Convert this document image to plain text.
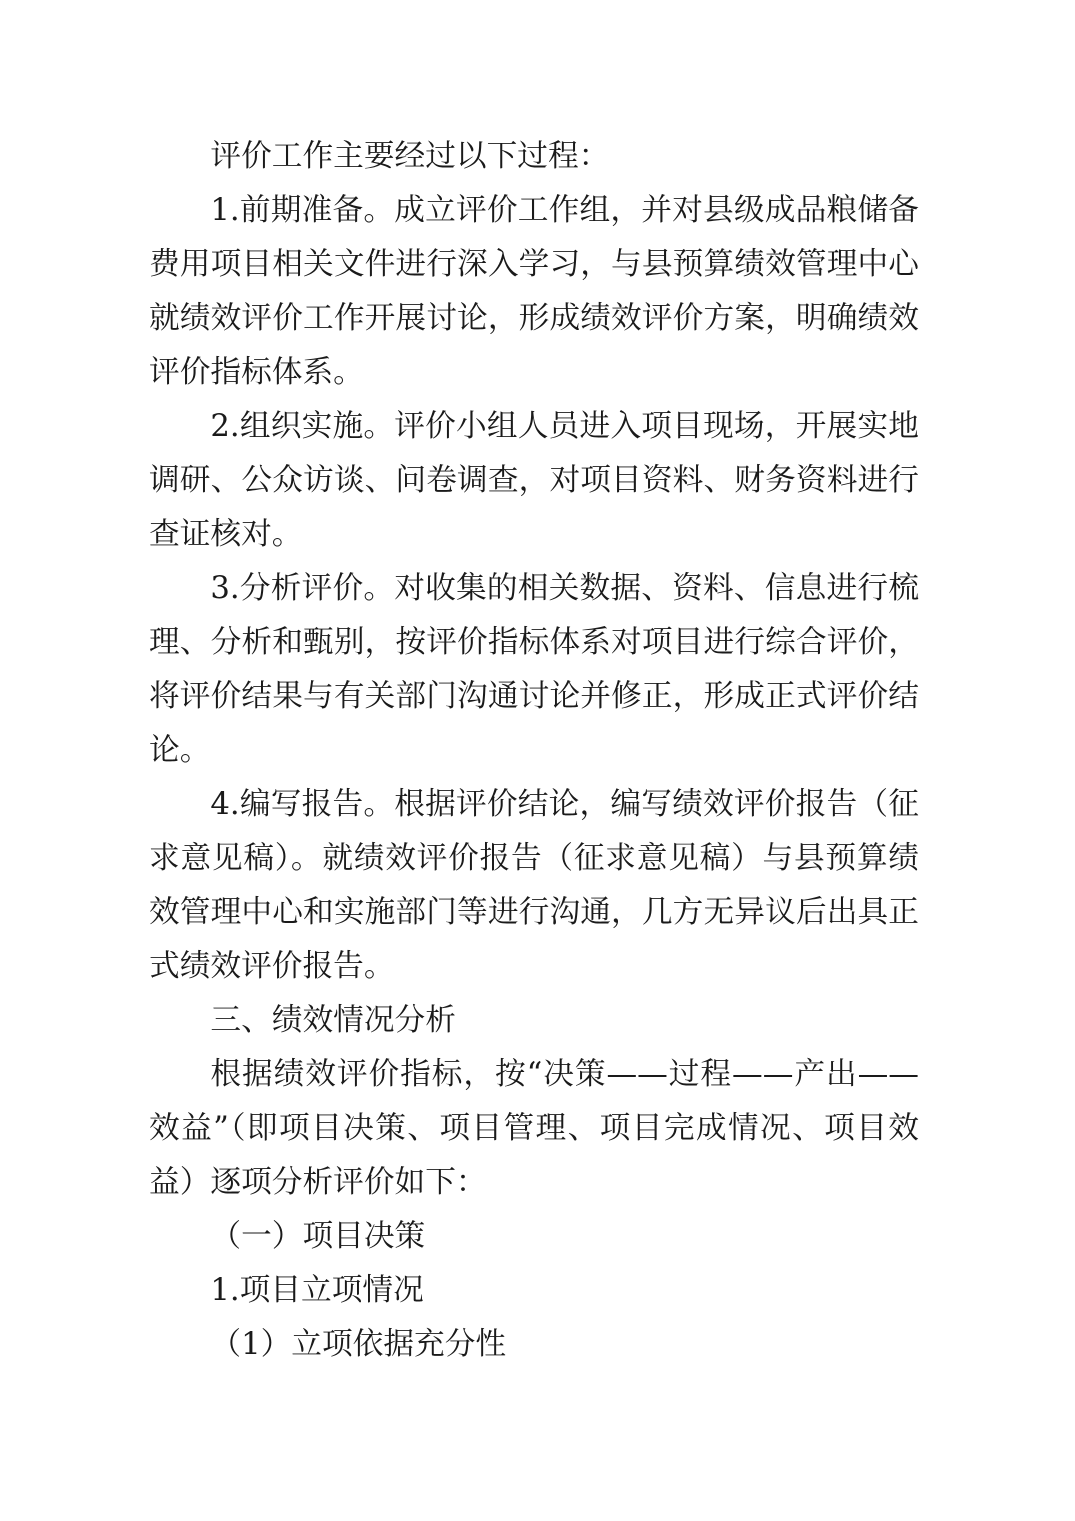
评价工作主要经过以下过程：

1.前期准备。成立评价工作组，并对县级成品粮储备费用项目相关文件进行深入学习，与县预算绩效管理中心就绩效评价工作开展讨论，形成绩效评价方案，明确绩效评价指标体系。

2.组织实施。评价小组人员进入项目现场，开展实地调研、公众访谈、问卷调查，对项目资料、财务资料进行查证核对。

3.分析评价。对收集的相关数据、资料、信息进行梳理、分析和甄别，按评价指标体系对项目进行综合评价，将评价结果与有关部门沟通讨论并修正，形成正式评价结论。

4.编写报告。根据评价结论，编写绩效评价报告（征求意见稿）。就绩效评价报告（征求意见稿）与县预算绩效管理中心和实施部门等进行沟通，几方无异议后出具正式绩效评价报告。

三、绩效情况分析

根据绩效评价指标，按“决策——过程——产出——效益”（即项目决策、项目管理、项目完成情况、项目效益）逐项分析评价如下：

（一）项目决策

1.项目立项情况

（1）立项依据充分性
